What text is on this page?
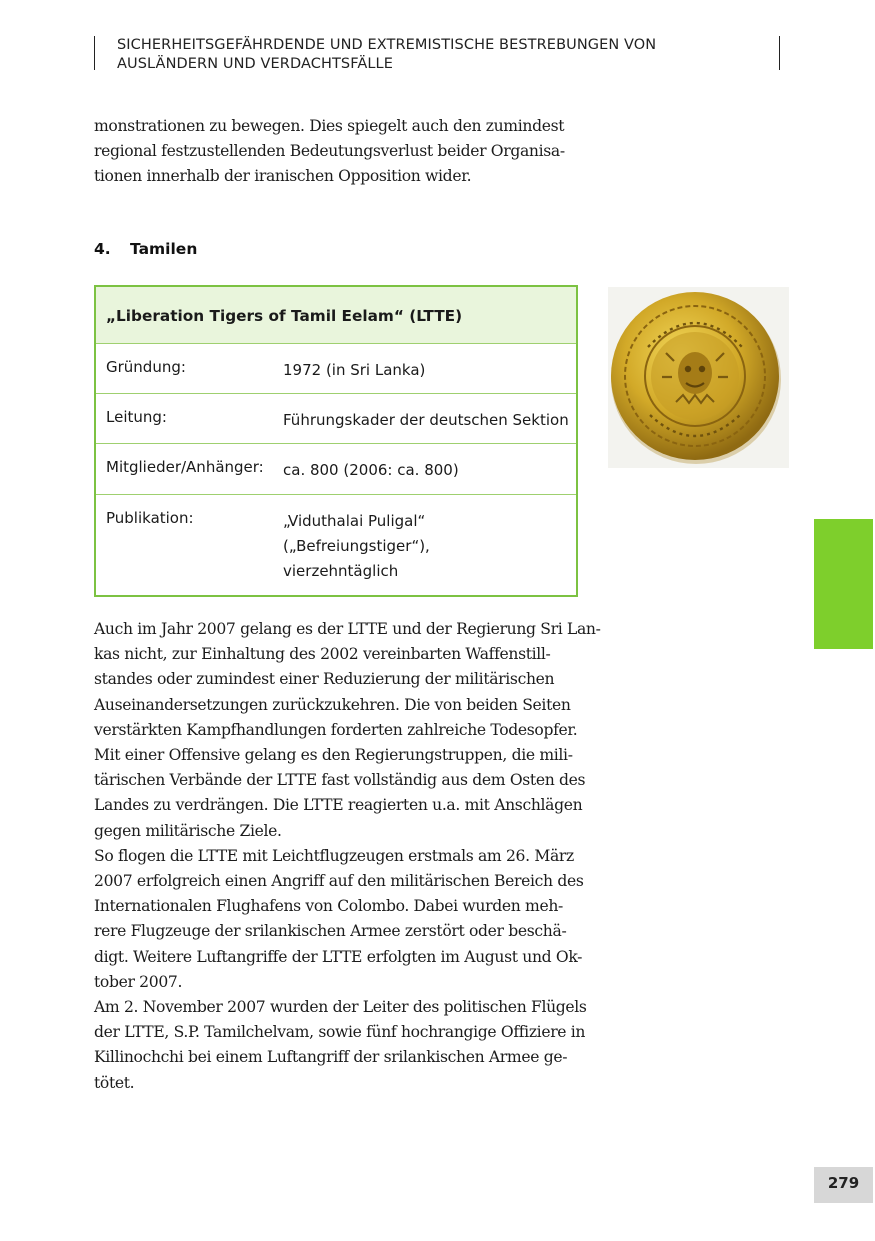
SICHERHEITSGEFÄHRDENDE UND EXTREMISTISCHE BESTREBUNGEN VON
AUSLÄNDERN UND VERDACHTSFÄLLE
monstrationen zu bewegen. Dies spiegelt auch den zumindest
regional festzustellenden Bedeutungsverlust beider Organisa-
tionen innerhalb der iranischen Opposition wider.
4. Tamilen
„Liberation Tigers of Tamil Eelam“ (LTTE)
Gründung:	1972 (in Sri Lanka)
Leitung:	Führungskader der deutschen Sektion
Mitglieder/Anhänger: ca. 800 (2006: ca. 800)
Publikation:	„Viduthalai Puligal“
(„Befreiungstiger“),
vierzehntäglich
Auch im Jahr 2007 gelang es der LTTE und der Regierung Sri Lan-
kas nicht, zur Einhaltung des 2002 vereinbarten Waffenstill-
standes oder zumindest einer Reduzierung der militärischen
Auseinandersetzungen zurückzukehren. Die von beiden Seiten
verstärkten Kampfhandlungen forderten zahlreiche Todesopfer.
Mit einer Offensive gelang es den Regierungstruppen, die mili-
tärischen Verbände der LTTE fast vollständig aus dem Osten des
Landes zu verdrängen. Die LTTE reagierten u.a. mit Anschlägen
gegen militärische Ziele.
So flogen die LTTE mit Leichtflugzeugen erstmals am 26. März
2007 erfolgreich einen Angriff auf den militärischen Bereich des
Internationalen Flughafens von Colombo. Dabei wurden meh-
rere Flugzeuge der srilankischen Armee zerstört oder beschä-
digt. Weitere Luftangriffe der LTTE erfolgten im August und Ok-
tober 2007.
Am 2. November 2007 wurden der Leiter des politischen Flügels
der LTTE, S.P. Tamilchelvam, sowie fünf hochrangige Offiziere in
Killinochchi bei einem Luftangriff der srilankischen Armee ge-
tötet.
279
